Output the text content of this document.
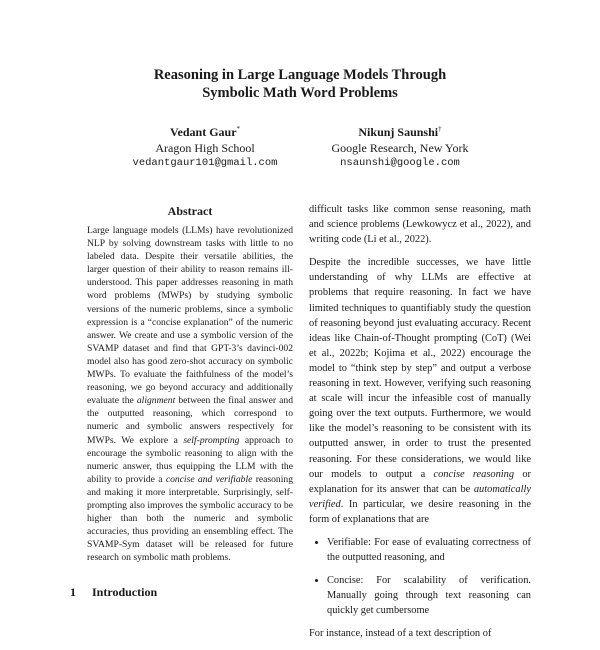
Reasoning in Large Language Models Through
Symbolic Math Word Problems
Vedant Gaur*
Aragon High School
vedantgaur101@gmail.com
Nikunj Saunshi†
Google Research, New York
nsaunshi@google.com
Abstract

Large language models (LLMs) have revolutionized NLP by solving downstream tasks with little to no labeled data. Despite their versatile abilities, the larger question of their ability to reason remains ill-understood. This paper addresses reasoning in math word problems (MWPs) by studying symbolic versions of the numeric problems, since a symbolic expression is a “concise explanation” of the numeric answer. We create and use a symbolic version of the SVAMP dataset and find that GPT-3’s davinci-002 model also has good zero-shot accuracy on symbolic MWPs. To evaluate the faithfulness of the model’s reasoning, we go beyond accuracy and additionally evaluate the alignment between the final answer and the outputted reasoning, which correspond to numeric and symbolic answers respectively for MWPs. We explore a self-prompting approach to encourage the symbolic reasoning to align with the numeric answer, thus equipping the LLM with the ability to provide a concise and verifiable reasoning and making it more interpretable. Surprisingly, self-prompting also improves the symbolic accuracy to be higher than both the numeric and symbolic accuracies, thus providing an ensembling effect. The SVAMP-Sym dataset will be released for future research on symbolic math problems.

1 Introduction

difficult tasks like common sense reasoning, math and science problems (Lewkowycz et al., 2022), and writing code (Li et al., 2022).

Despite the incredible successes, we have little understanding of why LLMs are effective at problems that require reasoning. In fact we have limited techniques to quantifiably study the question of reasoning beyond just evaluating accuracy. Recent ideas like Chain-of-Thought prompting (CoT) (Wei et al., 2022b; Kojima et al., 2022) encourage the model to “think step by step” and output a verbose reasoning in text. However, verifying such reasoning at scale will incur the infeasible cost of manually going over the text outputs. Furthermore, we would like the model’s reasoning to be consistent with its outputted answer, in order to trust the presented reasoning. For these considerations, we would like our models to output a concise reasoning or explanation for its answer that can be automatically verified. In particular, we desire reasoning in the form of explanations that are

• Verifiable: For ease of evaluating correctness of the outputted reasoning, and
• Concise: For scalability of verification. Manually going through text reasoning can quickly get cumbersome

For instance, instead of a text description of
